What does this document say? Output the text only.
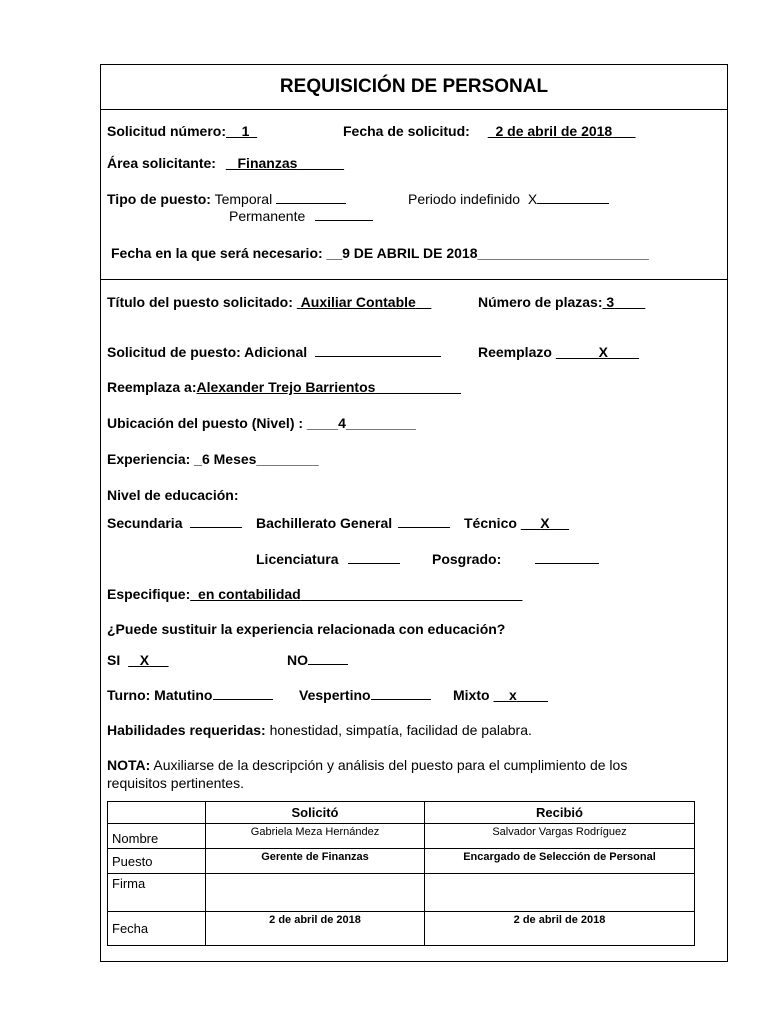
REQUISICIÓN DE PERSONAL
Solicitud número: 1	Fecha de solicitud: 2 de abril de 2018
Área solicitante: Finanzas
Tipo de puesto: Temporal	Periodo indefinido X
Permanente
Fecha en la que será necesario: __9 DE ABRIL DE 2018______________________
Título del puesto solicitado: Auxiliar Contable	Número de plazas: 3
Solicitud de puesto: Adicional	Reemplazo	X
Reemplaza a:Alexander Trejo Barrientos
Ubicación del puesto (Nivel) : ____4_________
Experiencia: _6 Meses________
Nivel de educación:
Secundaria	Bachillerato General	Técnico X
Licenciatura	Posgrado:
Especifique: en contabilidad
¿Puede sustituir la experiencia relacionada con educación?
SI X	NO
Turno: Matutino	Vespertino	Mixto x
Habilidades requeridas: honestidad, simpatía, facilidad de palabra.
NOTA: Auxiliarse de la descripción y análisis del puesto para el cumplimiento de los
requisitos pertinentes.
	Solicitó	Recibió
Nombre	Gabriela Meza Hernández	Salvador Vargas Rodríguez
Puesto	Gerente de Finanzas	Encargado de Selección de Personal
Firma		
Fecha	2 de abril de 2018	2 de abril de 2018
